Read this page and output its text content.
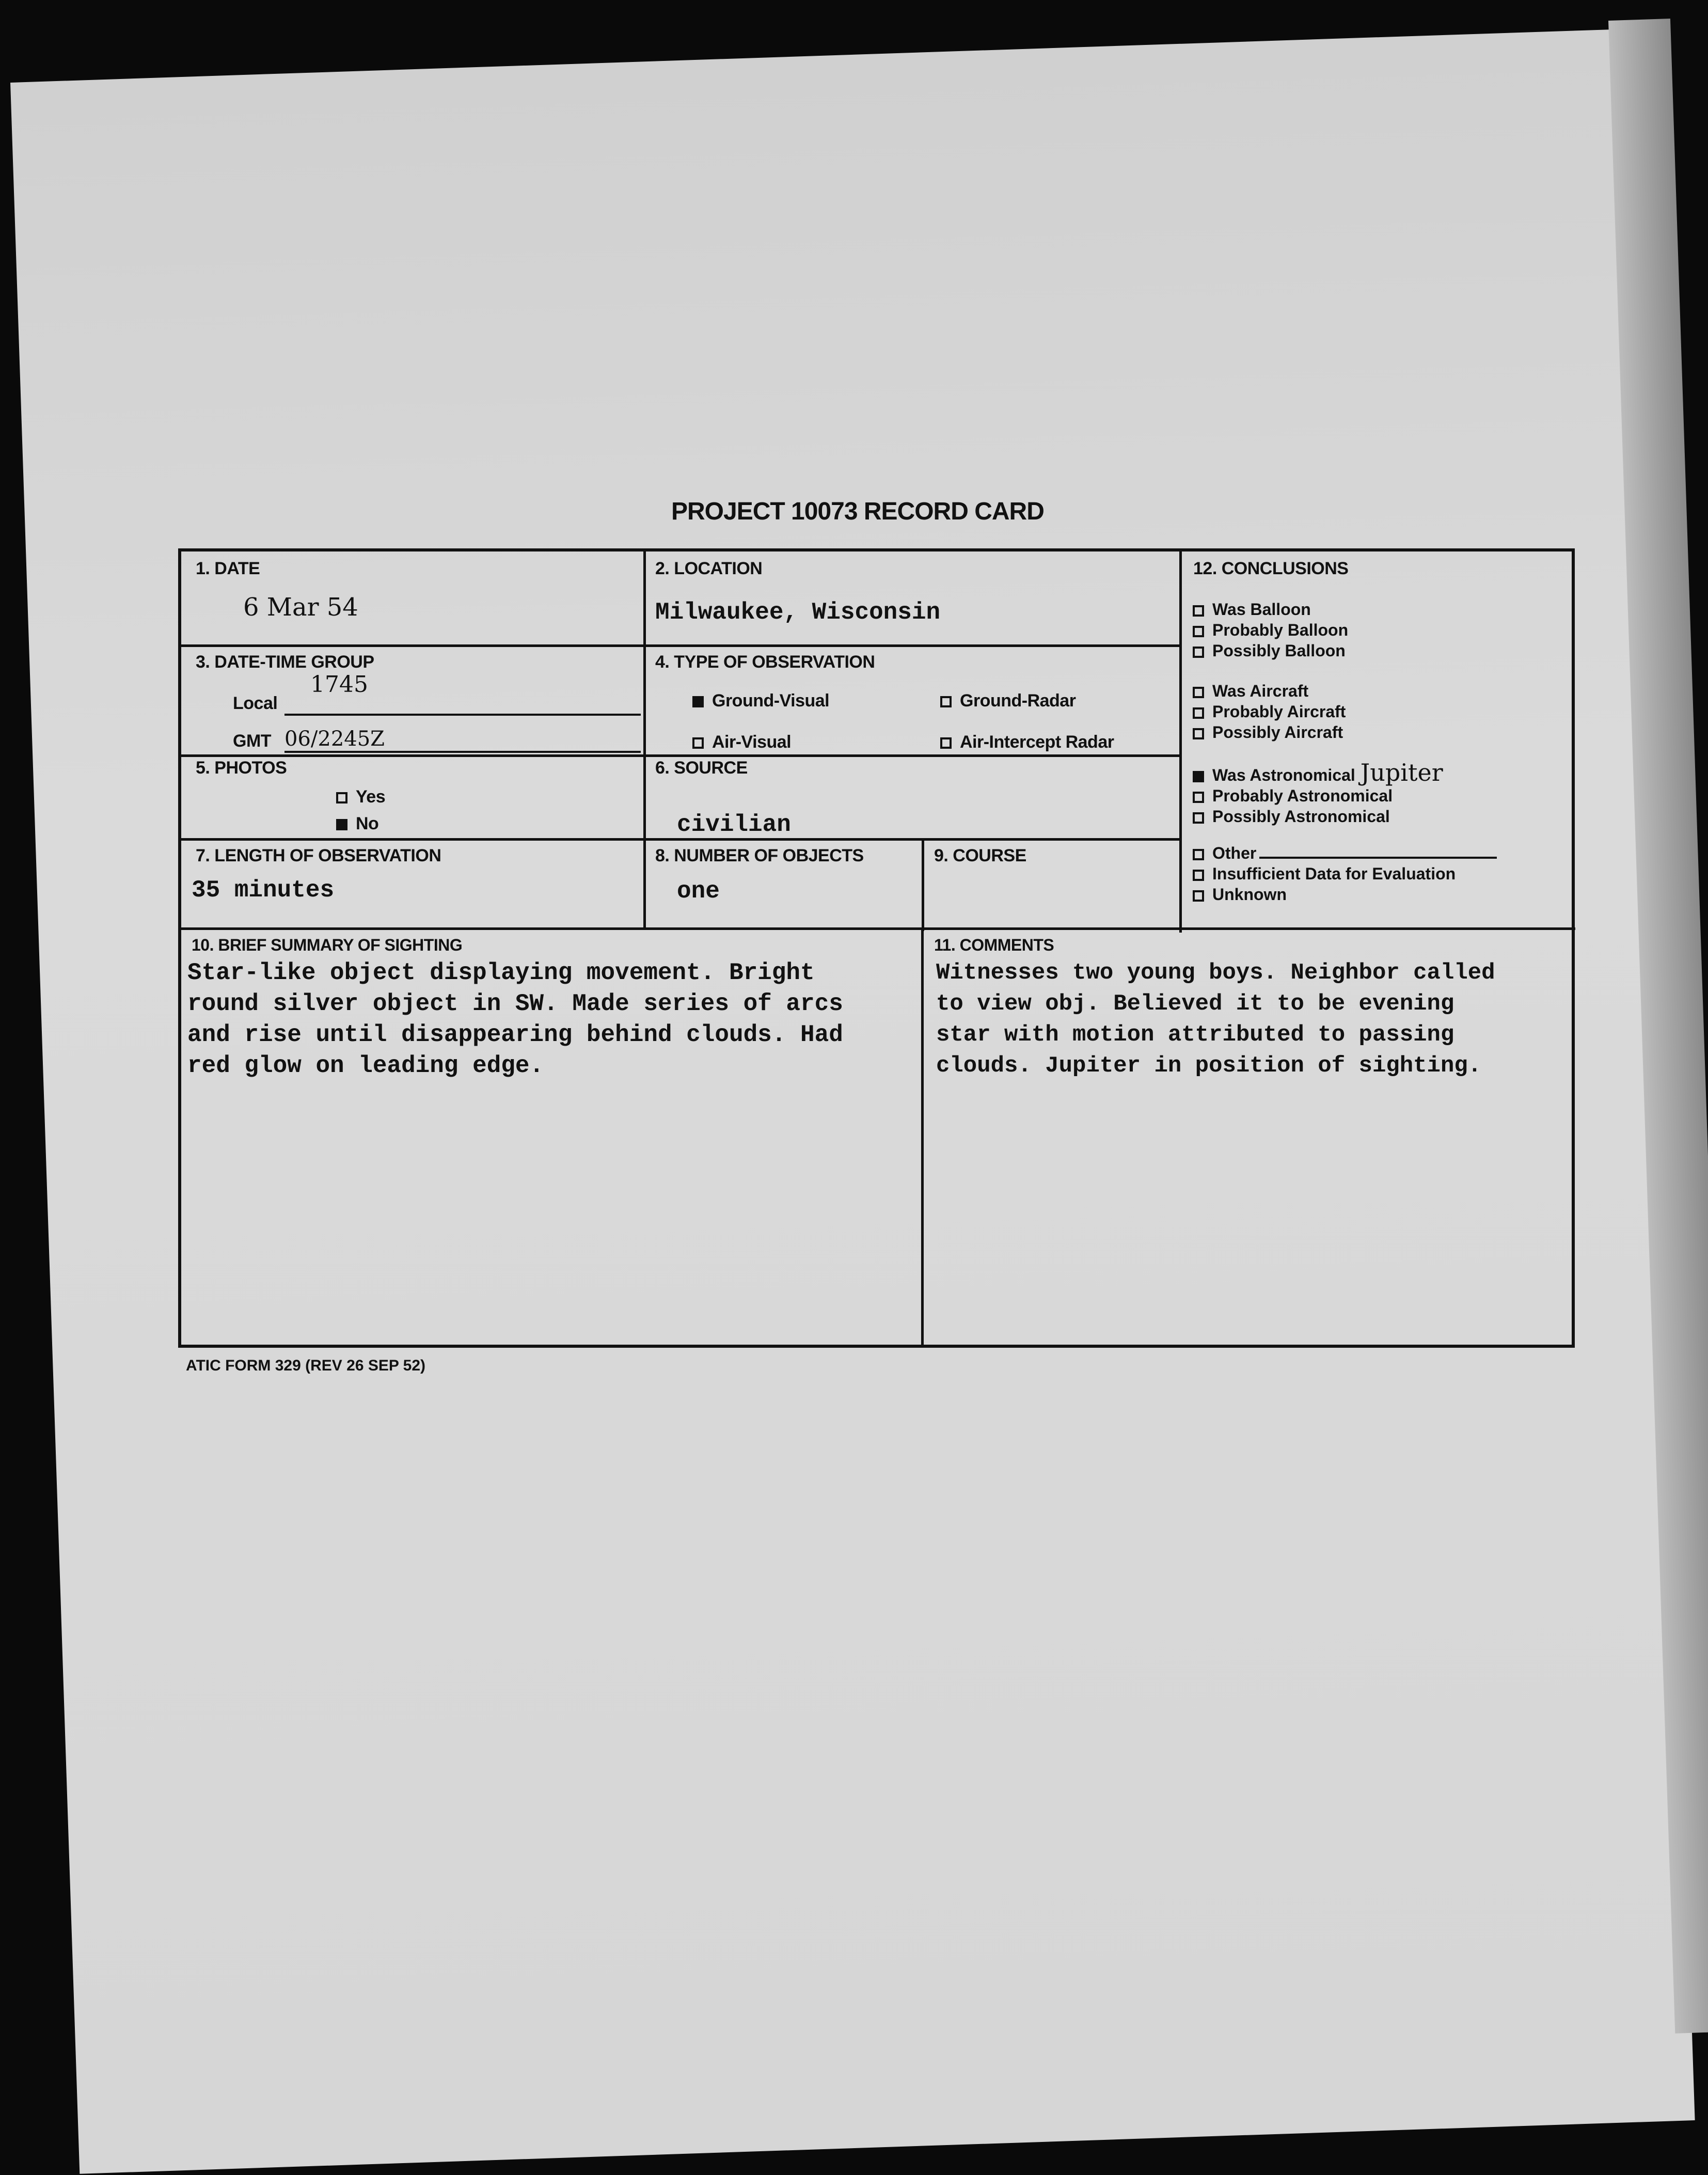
PROJECT 10073 RECORD CARD
1. DATE
6 Mar 54
2. LOCATION
Milwaukee, Wisconsin
3. DATE-TIME GROUP
Local
1745
GMT 06/2245Z
4. TYPE OF OBSERVATION
Ground-Visual	Ground-Radar
Air-Visual	Air-Intercept Radar
5. PHOTOS
Yes
No
6. SOURCE
civilian
7. LENGTH OF OBSERVATION
35 minutes
8. NUMBER OF OBJECTS
one
9. COURSE
12. CONCLUSIONS
10. BRIEF SUMMARY OF SIGHTING
Star-like object displaying movement. Bright
round silver object in SW. Made series of arcs
and rise until disappearing behind clouds. Had
red glow on leading edge.
11. COMMENTS
Witnesses two young boys. Neighbor called
to view obj. Believed it to be evening
star with motion attributed to passing
clouds. Jupiter in position of sighting.
Was Balloon
Probably Balloon
Possibly Balloon
Was Aircraft
Probably Aircraft
Possibly Aircraft
Was Astronomical Jupiter
Probably Astronomical
Possibly Astronomical
Other
Insufficient Data for Evaluation
Unknown
ATIC FORM 329 (REV 26 SEP 52)
